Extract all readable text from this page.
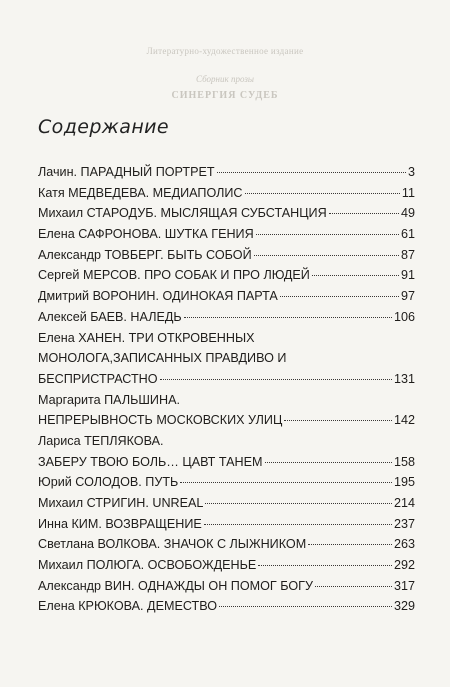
Литературно-художественное издание
Сборник прозы
СИНЕРГИЯ СУДЕБ
Содержание
Лачин. ПАРАДНЫЙ ПОРТРЕТ	3
Катя МЕДВЕДЕВА. МЕДИАПОЛИС	11
Михаил СТАРОДУБ. МЫСЛЯЩАЯ СУБСТАНЦИЯ	49
Елена САФРОНОВА. ШУТКА ГЕНИЯ	61
Александр ТОВБЕРГ. БЫТЬ СОБОЙ	87
Сергей МЕРСОВ. ПРО СОБАК И ПРО ЛЮДЕЙ	91
Дмитрий ВОРОНИН. ОДИНОКАЯ ПАРТА	97
Алексей БАЕВ. НАЛЕДЬ	106
Елена ХАНЕН. ТРИ ОТКРОВЕННЫХ
МОНОЛОГА,ЗАПИСАННЫХ ПРАВДИВО И
БЕСПРИСТРАСТНО	131
Маргарита ПАЛЬШИНА.
НЕПРЕРЫВНОСТЬ МОСКОВСКИХ УЛИЦ	142
Лариса ТЕПЛЯКОВА.
ЗАБЕРУ ТВОЮ БОЛЬ… ЦАВТ ТАНЕМ	158
Юрий СОЛОДОВ. ПУТЬ	195
Михаил СТРИГИН. UNREAL	214
Инна КИМ. ВОЗВРАЩЕНИЕ	237
Светлана ВОЛКОВА. ЗНАЧОК С ЛЫЖНИКОМ	263
Михаил ПОЛЮГА. ОСВОБОЖДЕНЬЕ	292
Александр ВИН. ОДНАЖДЫ ОН ПОМОГ БОГУ	317
Елена КРЮКОВА. ДЕМЕСТВО	329
